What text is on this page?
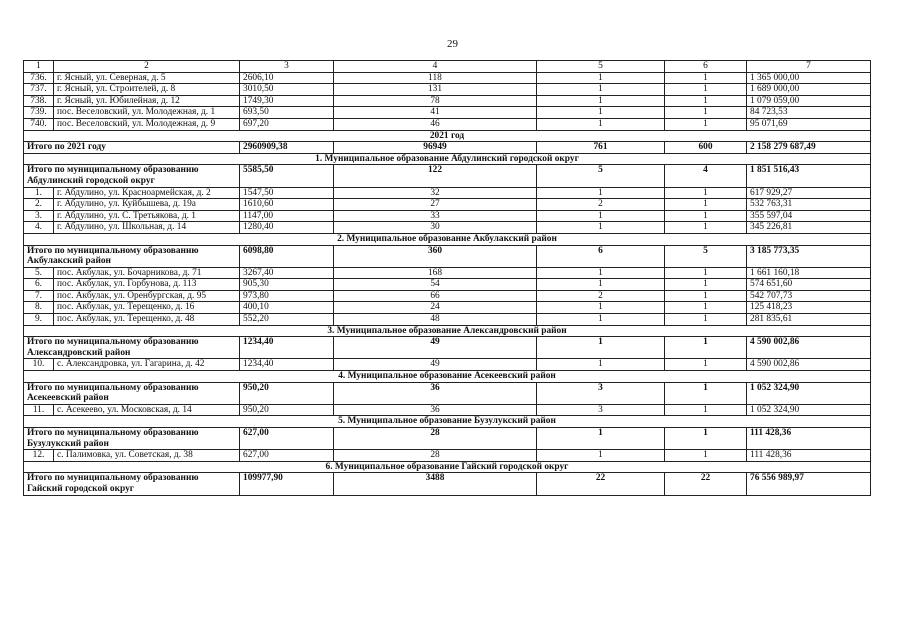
29
1	2	3	4	5	6	7
736.	г. Ясный, ул. Северная, д. 5	2606,10	118	1	1	1 365 000,00
737.	г. Ясный, ул. Строителей, д. 8	3010,50	131	1	1	1 689 000,00
738.	г. Ясный, ул. Юбилейная, д. 12	1749,30	78	1	1	1 079 059,00
739.	пос. Веселовский, ул. Молодежная, д. 1	693,50	41	1	1	84 723,53
740.	пос. Веселовский, ул. Молодежная, д. 9	697,20	46	1	1	95 071,69
2021 год						
Итого по 2021 году		2960909,38	96949	761	600	2 158 279 687,49
1. Муниципальное образование Абдулинский городской округ						
Итого по муниципальному образованию Абдулинский городской округ		5585,50	122	5	4	1 851 516,43
1.	г. Абдулино, ул. Красноармейская, д. 2	1547,50	32	1	1	617 929,27
2.	г. Абдулино, ул. Куйбышева, д. 19а	1610,60	27	2	1	532 763,31
3.	г. Абдулино, ул. С. Третьякова, д. 1	1147,00	33	1	1	355 597,04
4.	г. Абдулино, ул. Школьная, д. 14	1280,40	30	1	1	345 226,81
2. Муниципальное образование Акбулакский район						
Итого по муниципальному образованию Акбулакский район		6098,80	360	6	5	3 185 773,35
5.	пос. Акбулак, ул. Бочарникова, д. 71	3267,40	168	1	1	1 661 160,18
6.	пос. Акбулак, ул. Горбунова, д. 113	905,30	54	1	1	574 651,60
7.	пос. Акбулак, ул. Оренбургская, д. 95	973,80	66	2	1	542 707,73
8.	пос. Акбулак, ул. Терещенко, д. 16	400,10	24	1	1	125 418,23
9.	пос. Акбулак, ул. Терещенко, д. 48	552,20	48	1	1	281 835,61
3. Муниципальное образование Александровский район						
Итого по муниципальному образованию Александровский район		1234,40	49	1	1	4 590 002,86
10.	с. Александровка, ул. Гагарина, д. 42	1234,40	49	1	1	4 590 002,86
4. Муниципальное образование Асекеевский район						
Итого по муниципальному образованию Асекеевский район		950,20	36	3	1	1 052 324,90
11.	с. Асекеево, ул. Московская, д. 14	950,20	36	3	1	1 052 324,90
5. Муниципальное образование Бузулукский район						
Итого по муниципальному образованию Бузулукский район		627,00	28	1	1	111 428,36
12.	с. Палимовка, ул. Советская, д. 38	627,00	28	1	1	111 428,36
6. Муниципальное образование Гайский городской округ						
Итого по муниципальному образованию Гайский городской округ		109977,90	3488	22	22	76 556 989,97
